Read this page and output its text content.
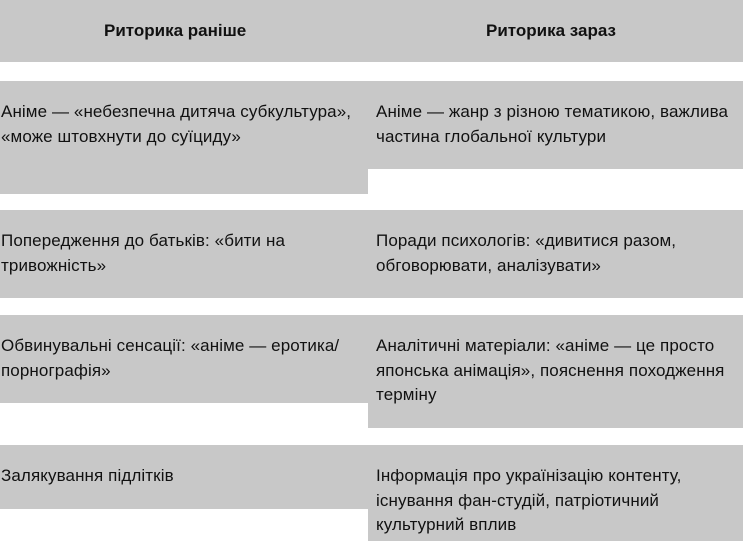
Риторика раніше	Риторика зараз
Аніме — «небезпечна дитяча субкультура», «може штовхнути до суїциду»
Аніме — жанр з різною тематикою, важлива частина глобальної культури
Попередження до батьків: «бити на тривожність»
Поради психологів: «дивитися разом, обговорювати, аналізувати»
Обвинувальні сенсації: «аніме — еротика/порнографія»
Аналітичні матеріали: «аніме — це просто японська анімація», пояснення походження терміну
Залякування підлітків	Інформація про українізацію контенту, існування фан-студій, патріотичний культурний вплив
